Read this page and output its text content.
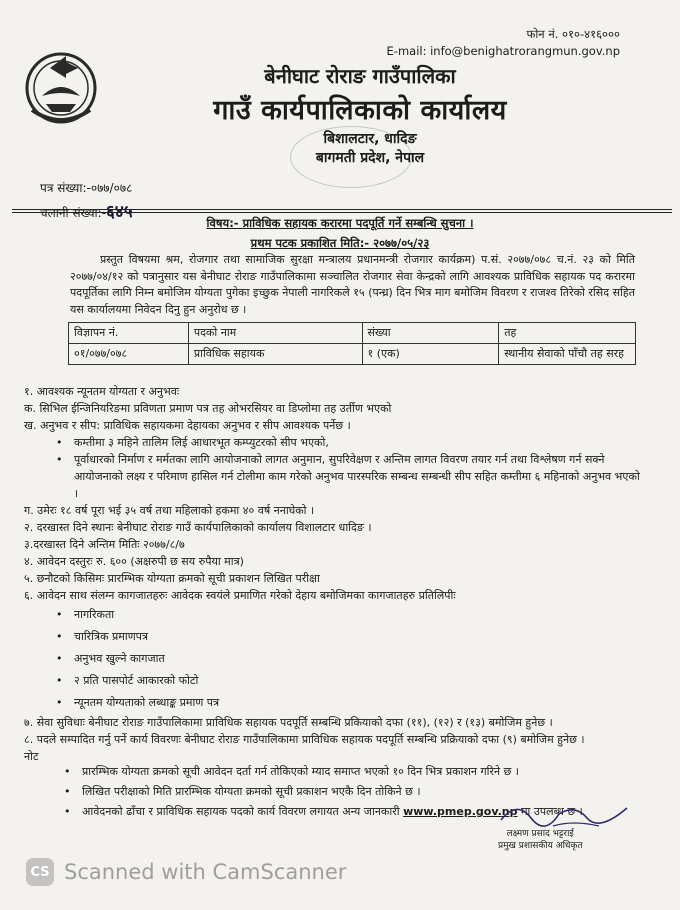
फोन नं. ०१०-४१६०००
E-mail: info@benighatrorangmun.gov.np
बेनीघाट रोराङ गाउँपालिका
गाउँ कार्यपालिकाको कार्यालय
बिशालटार, धादिङ
बागमती प्रदेश, नेपाल
पत्र संख्या:-०७७/०७८
चलानी संख्या:-६४५
विषय:- प्राविधिक सहायक करारमा पदपूर्ति गर्ने सम्बन्धि सुचना ।
प्रथम पटक प्रकाशित मिति:- २०७७/०५/२३

प्रस्तुत विषयमा श्रम, रोजगार तथा सामाजिक सुरक्षा मन्त्रालय प्रधानमन्त्री रोजगार कार्यक्रम) प.सं. २०७७/०७८ च.नं. २३ को मिति २०७७/०४/१२ को पत्रानुसार यस बेनीघाट रोराङ गाउँपालिकामा सञ्चालित रोजगार सेवा केन्द्रको लागि आवश्यक प्राविधिक सहायक पद करारमा पदपूर्तिका लागि निम्न बमोजिम योग्यता पुगेका इच्छुक नेपाली नागरिकले १५ (पन्ध्र) दिन भित्र माग बमोजिम विवरण र राजश्व तिरेको रसिद सहित यस कार्यालयमा निवेदन दिनु हुन अनुरोध छ ।

विज्ञापन नं.	पदको नाम	संख्या	तह
०१/०७७/०७८	प्राविधिक सहायक	१ (एक)	स्थानीय सेवाको पाँचौ तह सरह

१. आवश्यक न्यूनतम योग्यता र अनुभवः

क. सिभिल ईन्जिनियरिङमा प्रविणता प्रमाण पत्र तह ओभरसियर वा डिप्लोमा तह उर्तीण भएको

ख. अनुभव र सीप: प्राविधिक सहायकमा देहायका अनुभव र सीप आवश्यक पर्नेछ ।

• कम्तीमा ३ महिने तालिम लिई आधारभूत कम्प्युटरको सीप भएको,
• पूर्वाधारको निर्माण र मर्मतका लागि आयोजनाको लागत अनुमान, सुपरिवेक्षण र अन्तिम लागत विवरण तयार गर्न तथा विश्लेषण गर्न सक्ने आयोजनाको लक्ष्य र परिमाण हासिल गर्न टोलीमा काम गरेको अनुभव पारस्परिक सम्बन्ध सम्बन्धी सीप सहित कम्तीमा ६ महिनाको अनुभव भएको ।

ग. उमेरः १८ वर्ष पूरा भई ३५ वर्ष तथा महिलाको हकमा ४० वर्ष ननाघेको ।

२. दरखास्त दिने स्थानः बेनीघाट रोराङ गाउँ कार्यपालिकाको कार्यालय विशालटार धादिङ ।

३.दरखास्त दिने अन्तिम मितिः २०७७/८/७

४. आवेदन दस्तुरः रु. ६०० (अक्षरुपी छ सय रुपैया मात्र)

५. छनौटको किसिमः प्रारम्भिक योग्यता क्रमको सूची प्रकाशन लिखित परीक्षा

६. आवेदन साथ संलग्न कागजातहरुः आवेदक स्वयंले प्रमाणित गरेको देहाय बमोजिमका कागजातहरु प्रतिलिपीः

• नागरिकता
• चारित्रिक प्रमाणपत्र
• अनुभव खुल्ने कागजात
• २ प्रति पासपोर्ट आकारको फोटो
• न्यूनतम योग्यताको लब्धाङ्क प्रमाण पत्र

७. सेवा सुविधाः बेनीघाट रोराङ गाउँपालिकामा प्राविधिक सहायक पदपूर्ति सम्बन्धि प्रकियाको दफा (११), (१२) र (१३) बमोजिम हुनेछ ।

८. पदले सम्पादित गर्नु पर्ने कार्य विवरणः बेनीघाट रोराङ गाउँपालिकामा प्राविधिक सहायक पदपूर्ति सम्बन्धि प्रक्रियाको दफा (९) बमोजिम हुनेछ ।

नोट

• प्रारम्भिक योग्यता क्रमको सूची आवेदन दर्ता गर्न तोकिएको म्याद समाप्त भएको १० दिन भित्र प्रकाशन गरिने छ ।
• लिखित परीक्षाको मिति प्रारम्भिक योग्यता क्रमको सूची प्रकाशन भएकै दिन तोकिने छ ।
• आवेदनको ढाँचा र प्राविधिक सहायक पदको कार्य विवरण लगायत अन्य जानकारी www.pmep.gov.np मा उपलब्ध छ ।
लक्ष्मण प्रसाद भट्टराई
प्रमुख प्रशासकीय अधिकृत
CS Scanned with CamScanner
